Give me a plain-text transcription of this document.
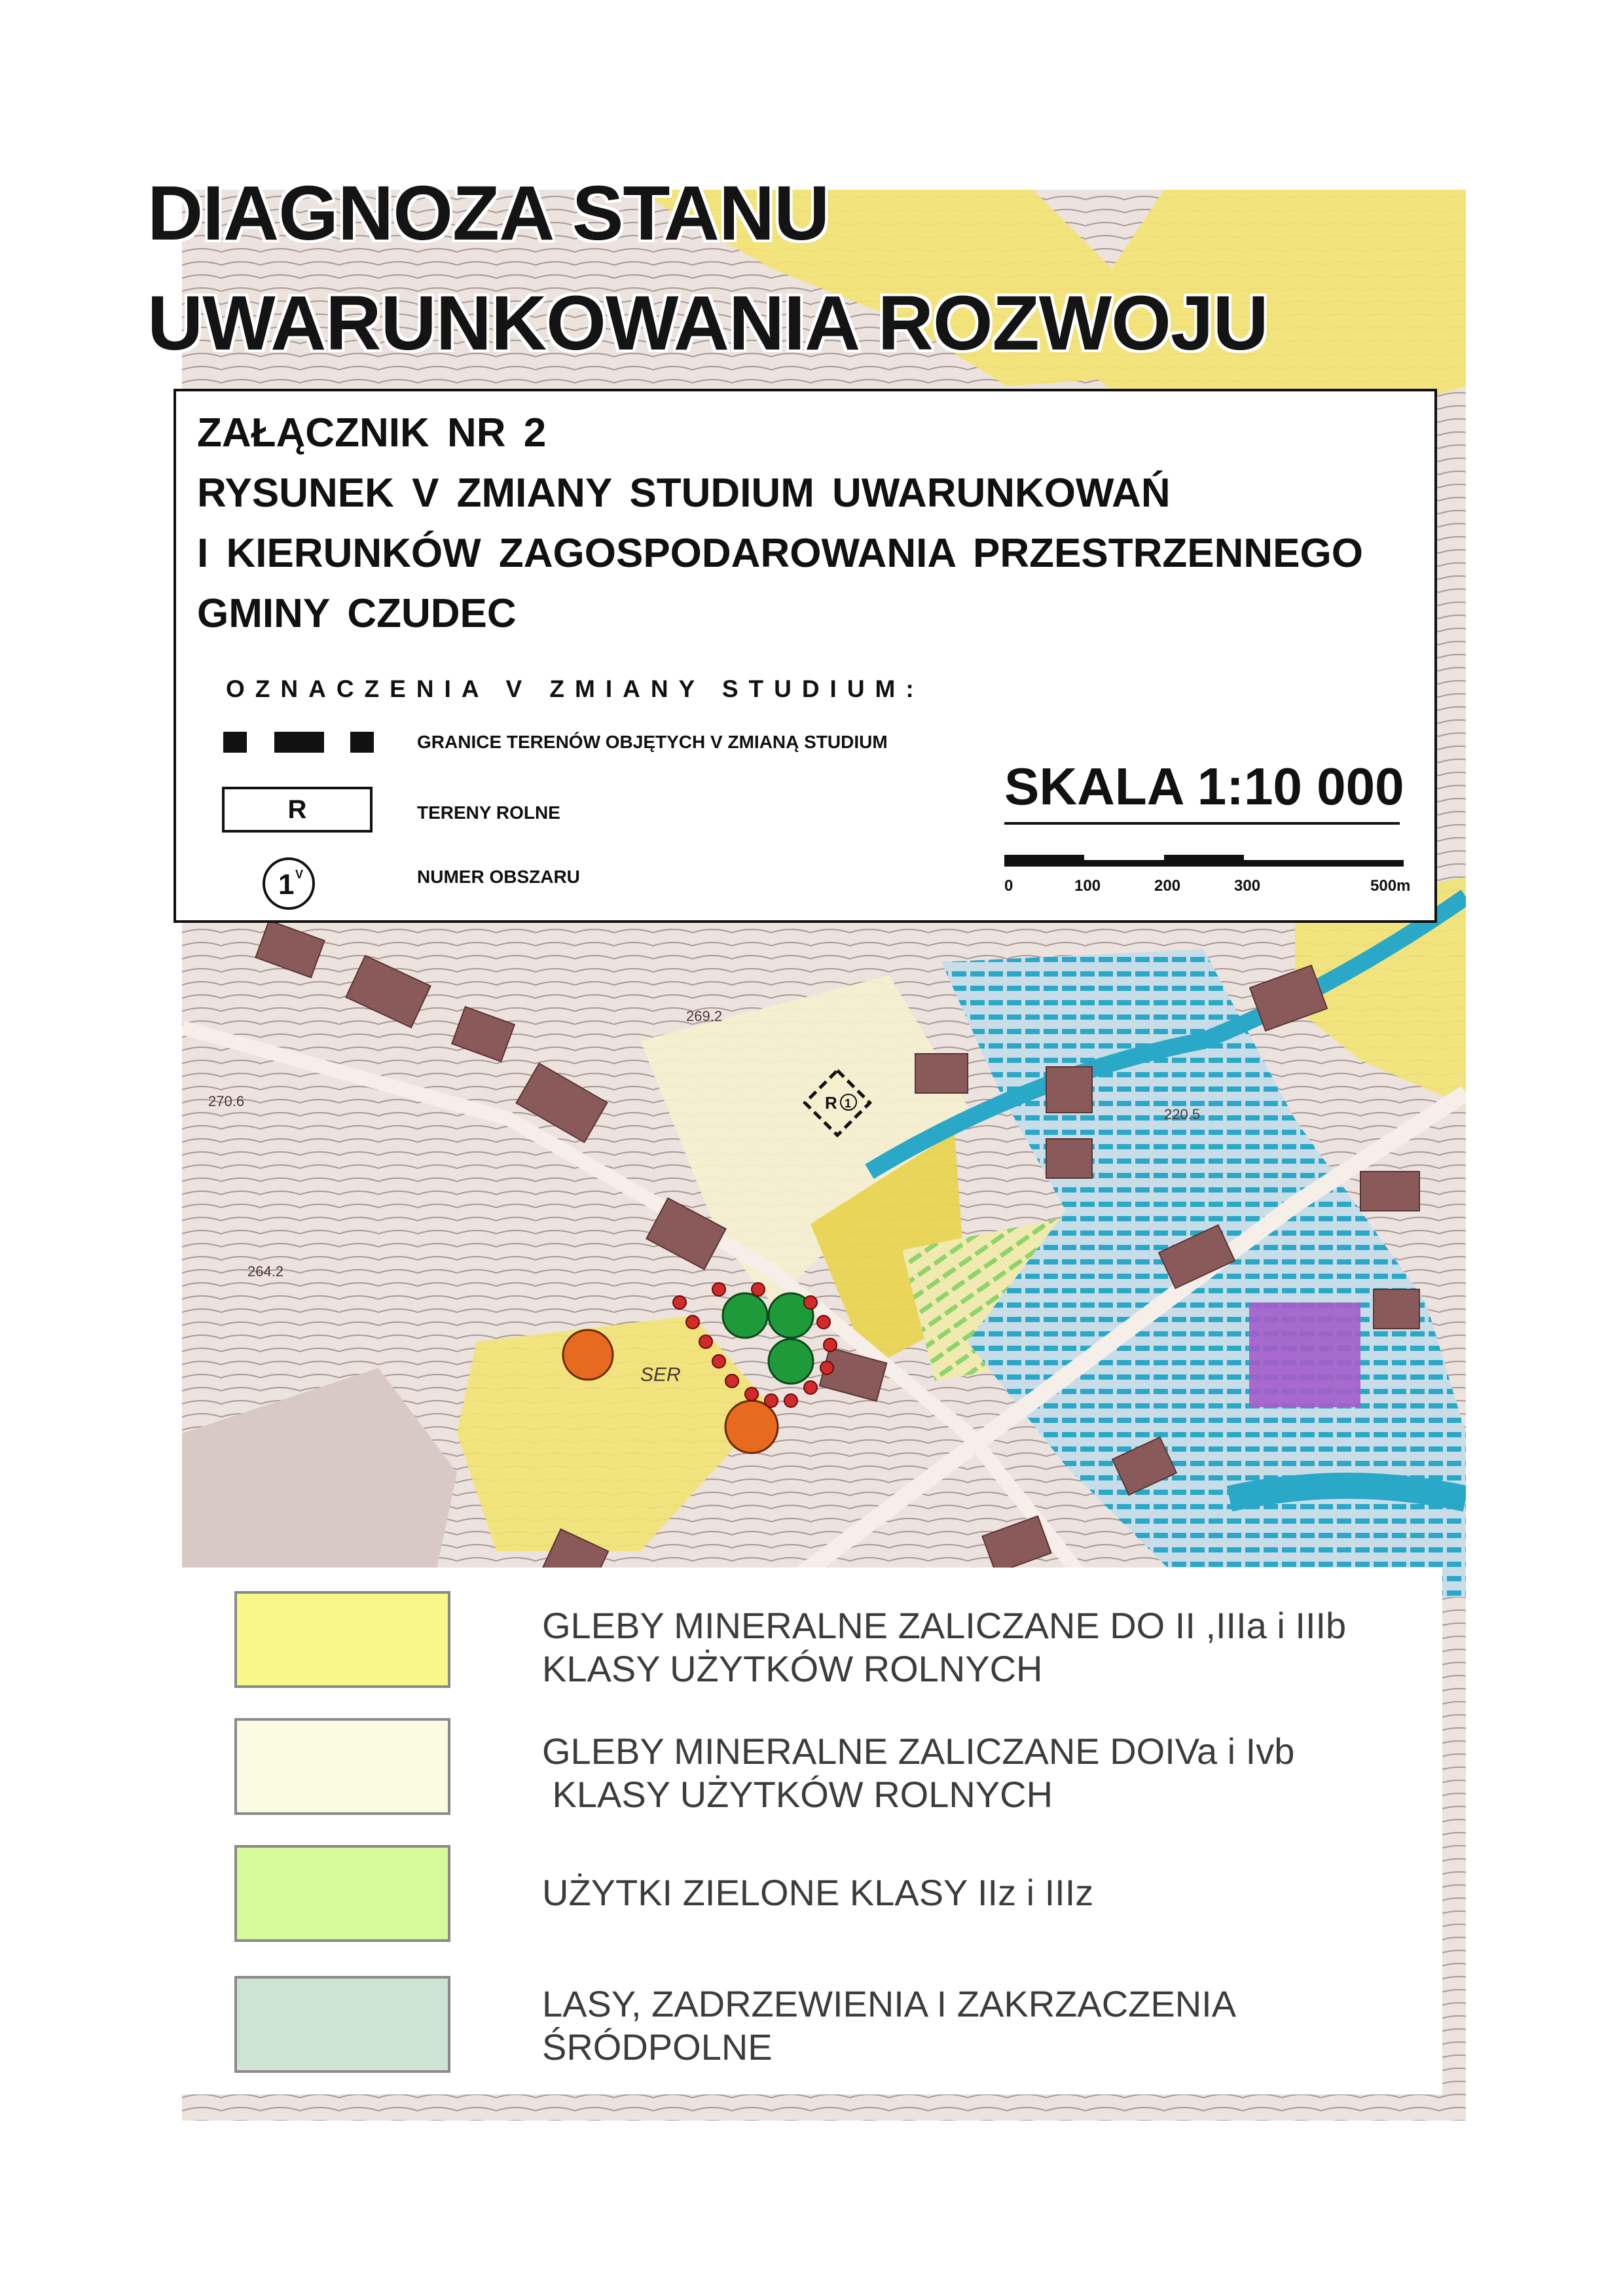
R 1
269.2
270.6
220.5
264.2
SER
DIAGNOZA STANU
UWARUNKOWANIA ROZWOJU
ZAŁĄCZNIK NR 2
RYSUNEK V ZMIANY STUDIUM UWARUNKOWAŃ
I KIERUNKÓW ZAGOSPODAROWANIA PRZESTRZENNEGO
GMINY CZUDEC
OZNACZENIA V ZMIANY STUDIUM:
GRANICE TERENÓW OBJĘTYCH V ZMIANĄ STUDIUM
R	TERENY ROLNE
1 V	NUMER OBSZARU
SKALA 1:10 000
0	100	200	300	500m
GLEBY MINERALNE ZALICZANE DO II ,IIIa i IIIb
KLASY UŻYTKÓW ROLNYCH
GLEBY MINERALNE ZALICZANE DOIVa i Ivb
KLASY UŻYTKÓW ROLNYCH
UŻYTKI ZIELONE KLASY IIz i IIIz
LASY, ZADRZEWIENIA I ZAKRZACZENIA
ŚRÓDPOLNE
